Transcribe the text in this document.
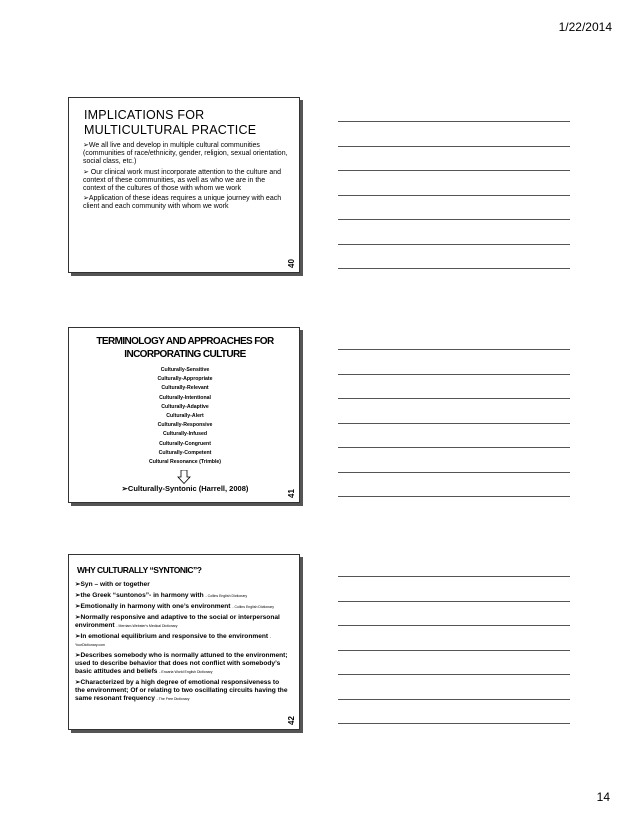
1/22/2014
IMPLICATIONS FOR MULTICULTURAL PRACTICE

➢We all live and develop in multiple cultural communities (communities of race/ethnicity, gender, religion, sexual orientation, social class, etc.)

➢ Our clinical work must incorporate attention to the culture and context of these communities, as well as who we are in the context of the cultures of those with whom we work

➢Application of these ideas requires a unique journey with each client and each community with whom we work

40
TERMINOLOGY AND APPROACHES FOR INCORPORATING CULTURE
Culturally-Sensitive
Culturally-Appropriate
Culturally-Relevant
Culturally-Intentional
Culturally-Adaptive
Culturally-Alert
Culturally-Responsive
Culturally-Infused
Culturally-Congruent
Culturally-Competent
Cultural Resonance (Trimble)
➢Culturally-Syntonic (Harrell, 2008)
41
WHY CULTURALLY “SYNTONIC”?

➢Syn – with or together

➢the Greek “suntonos”- in harmony with - Collins English Dictionary

➢Emotionally in harmony with one’s environment - Collins English Dictionary

➢Normally responsive and adaptive to the social or interpersonal environment - Merriam-Webster's Medical Dictionary

➢In emotional equilibrium and responsive to the environment - YourDictionary.com

➢Describes somebody who is normally attuned to the environment; used to describe behavior that does not conflict with somebody’s basic attitudes and beliefs - Encarta World English Dictionary

➢Characterized by a high degree of emotional responsiveness to the environment; Of or relating to two oscillating circuits having the same resonant frequency - The Free Dictionary

42
14
